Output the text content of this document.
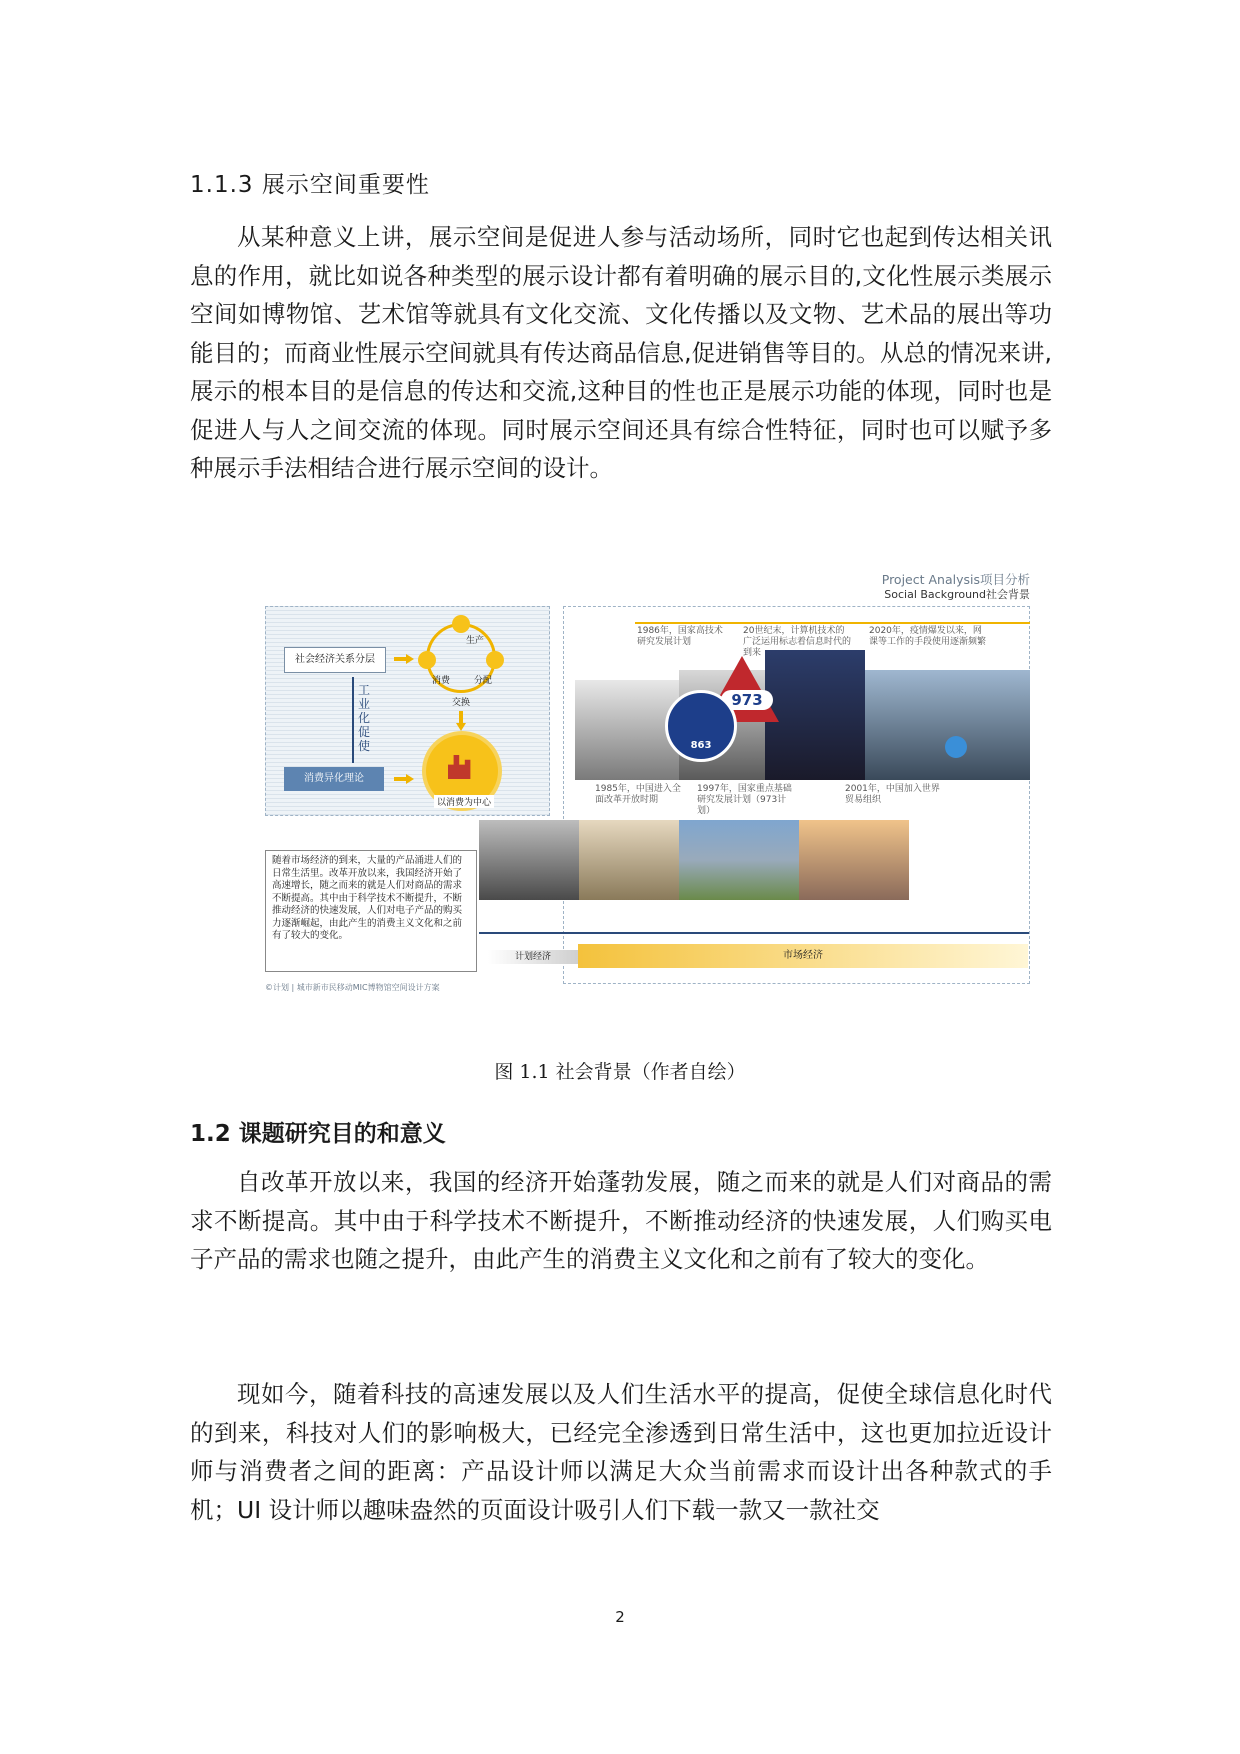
1.1.3 展示空间重要性

从某种意义上讲，展示空间是促进人参与活动场所，同时它也起到传达相关讯息的作用，就比如说各种类型的展示设计都有着明确的展示目的,文化性展示类展示空间如博物馆、艺术馆等就具有文化交流、文化传播以及文物、艺术品的展出等功能目的；而商业性展示空间就具有传达商品信息,促进销售等目的。从总的情况来讲,展示的根本目的是信息的传达和交流,这种目的性也正是展示功能的体现，同时也是促进人与人之间交流的体现。同时展示空间还具有综合性特征，同时也可以赋予多种展示手法相结合进行展示空间的设计。

Project Analysis项目分析
Social Background社会背景
社会经济关系分层
工业化促使
消费异化理论
生产
消费	分配
交换
以消费为中心
1986年，国家高技术研究发展计划
20世纪末，计算机技术的广泛运用标志着信息时代的到来
2020年，疫情爆发以来，网课等工作的手段使用逐渐频繁
973
863
1985年，中国进入全面改革开放时期
1997年，国家重点基础研究发展计划（973计划）
2001年，中国加入世界贸易组织
随着市场经济的到来，大量的产品涌进人们的日常生活里。改革开放以来，我国经济开始了高速增长，随之而来的就是人们对商品的需求不断提高。其中由于科学技术不断提升，不断推动经济的快速发展，人们对电子产品的购买力逐渐崛起，由此产生的消费主义文化和之前有了较大的变化。
计划经济	市场经济
©计划 | 城市新市民移动MIC博物馆空间设计方案
图 1.1 社会背景（作者自绘）
1.2 课题研究目的和意义

自改革开放以来，我国的经济开始蓬勃发展，随之而来的就是人们对商品的需求不断提高。其中由于科学技术不断提升，不断推动经济的快速发展，人们购买电子产品的需求也随之提升，由此产生的消费主义文化和之前有了较大的变化。

现如今，随着科技的高速发展以及人们生活水平的提高，促使全球信息化时代的到来，科技对人们的影响极大，已经完全渗透到日常生活中，这也更加拉近设计师与消费者之间的距离：产品设计师以满足大众当前需求而设计出各种款式的手机；UI 设计师以趣味盎然的页面设计吸引人们下载一款又一款社交

2
